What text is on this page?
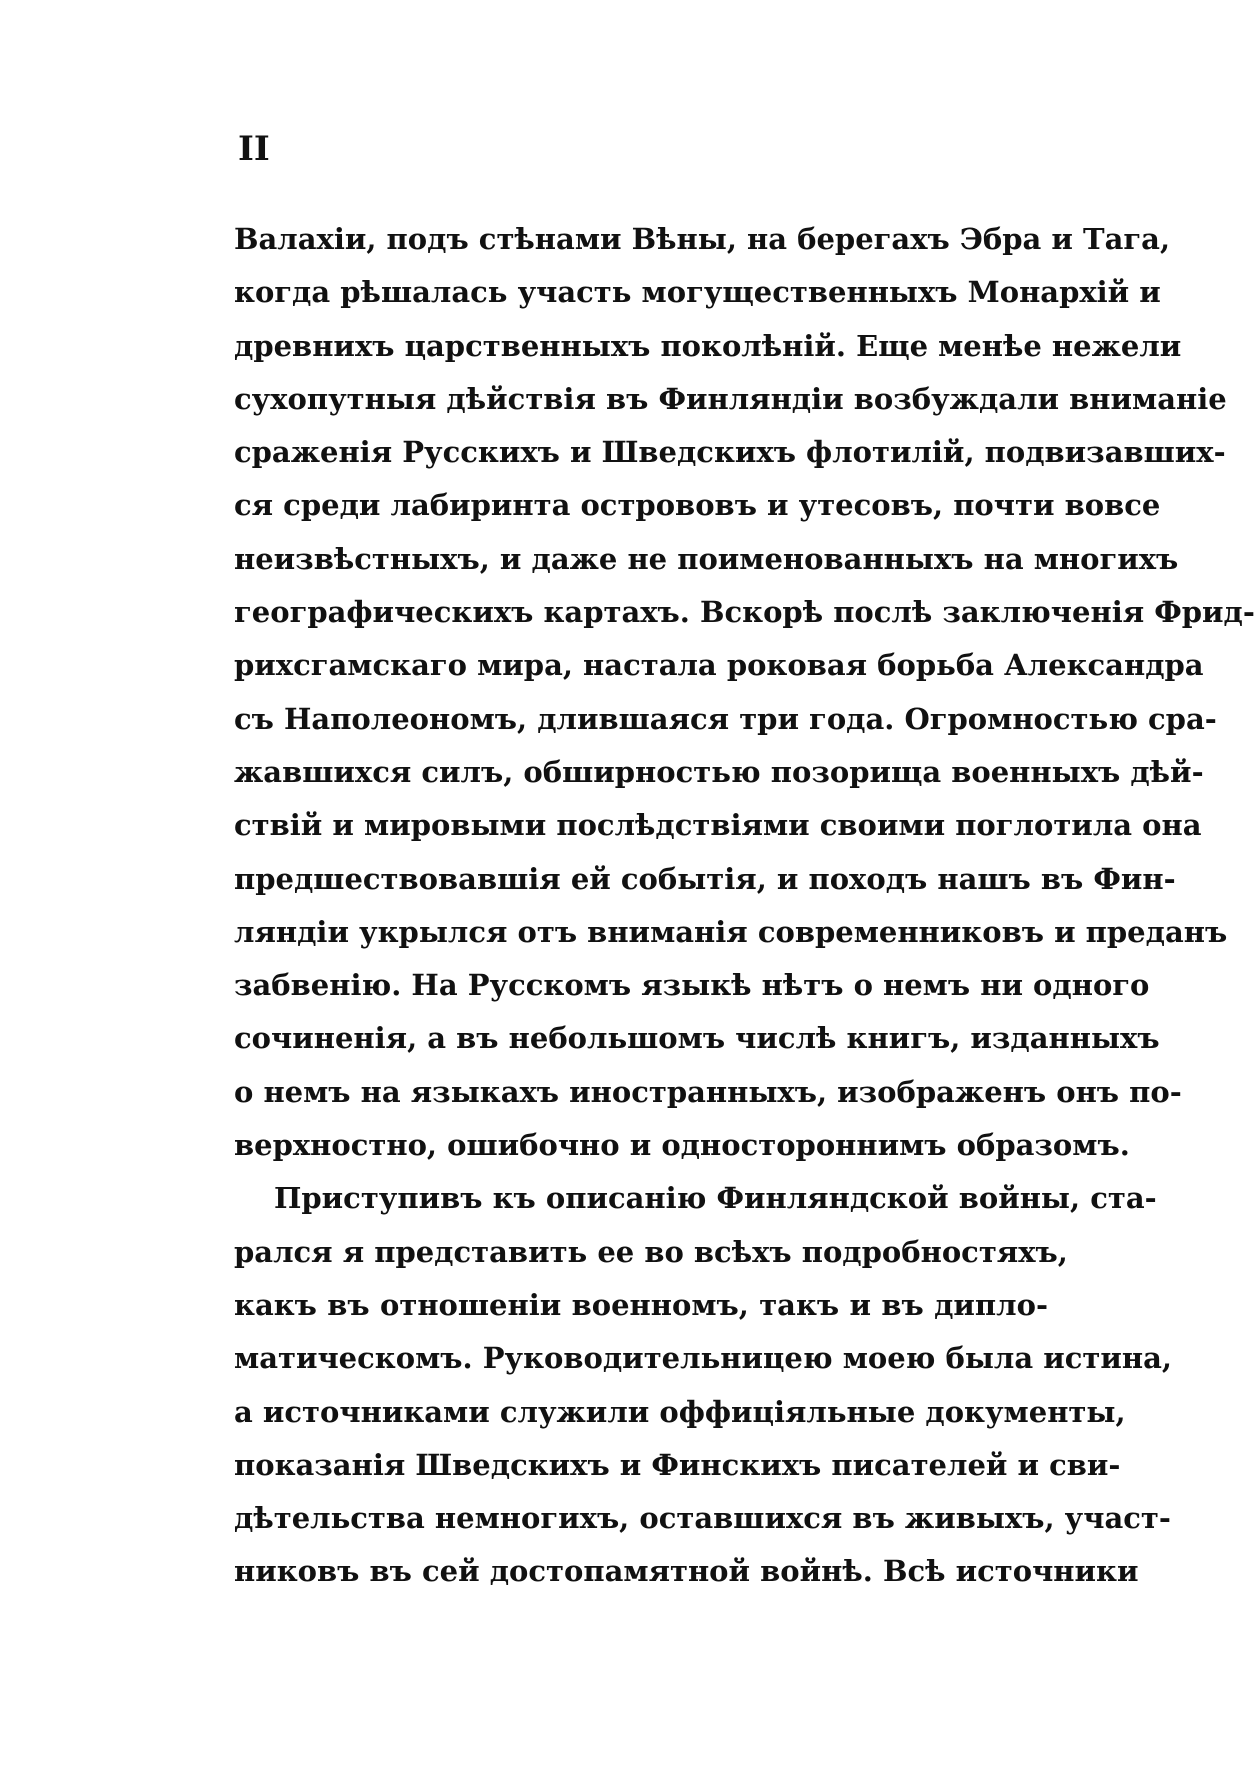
II
Валахіи, подъ стѣнами Вѣны, на берегахъ Эбра и Тага,
когда рѣшалась участь могущественныхъ Монархій и
древнихъ царственныхъ поколѣній. Еще менѣе нежели
сухопутныя дѣйствія въ Финляндіи возбуждали вниманіе
сраженія Русскихъ и Шведскихъ флотилій, подвизавших-
ся среди лабиринта острововъ и утесовъ, почти вовсе
неизвѣстныхъ, и даже не поименованныхъ на многихъ
географическихъ картахъ. Вскорѣ послѣ заключенія Фрид-
рихсгамскаго мира, настала роковая борьба Александра
съ Наполеономъ, длившаяся три года. Огромностью сра-
жавшихся силъ, обширностью позорища военныхъ дѣй-
ствій и мировыми послѣдствіями своими поглотила она
предшествовавшія ей событія, и походъ нашъ въ Фин-
ляндіи укрылся отъ вниманія современниковъ и преданъ
забвенію. На Русскомъ языкѣ нѣтъ о немъ ни одного
сочиненія, а въ небольшомъ числѣ книгъ, изданныхъ
о немъ на языкахъ иностранныхъ, изображенъ онъ по-
верхностно, ошибочно и одностороннимъ образомъ.
Приступивъ къ описанію Финляндской войны, ста-
рался я представить ее во всѣхъ подробностяхъ,
какъ въ отношеніи военномъ, такъ и въ дипло-
матическомъ. Руководительницею моею была истина,
а источниками служили оффиціяльные документы,
показанія Шведскихъ и Финскихъ писателей и сви-
дѣтельства немногихъ, оставшихся въ живыхъ, участ-
никовъ въ сей достопамятной войнѣ. Всѣ источники
